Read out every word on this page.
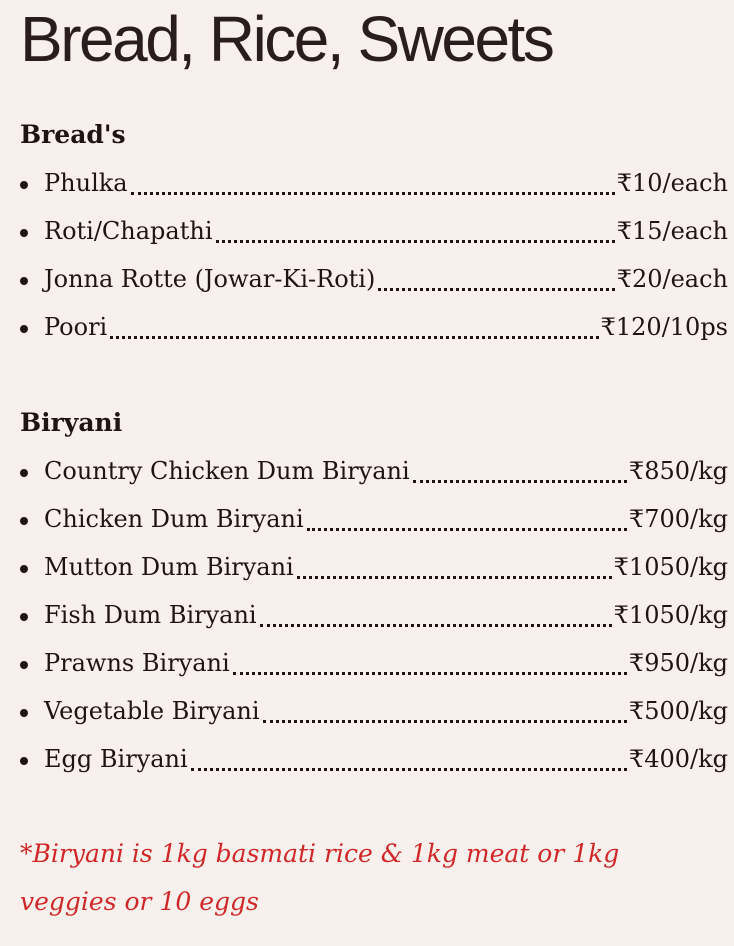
Bread, Rice, Sweets
Bread's
Phulka	₹10/each
Roti/Chapathi	₹15/each
Jonna Rotte (Jowar-Ki-Roti)	₹20/each
Poori	₹120/10ps
Biryani
Country Chicken Dum Biryani	₹850/kg
Chicken Dum Biryani	₹700/kg
Mutton Dum Biryani	₹1050/kg
Fish Dum Biryani	₹1050/kg
Prawns Biryani	₹950/kg
Vegetable Biryani	₹500/kg
Egg Biryani	₹400/kg

*Biryani is 1kg basmati rice & 1kg meat or 1kg veggies or 10 eggs
